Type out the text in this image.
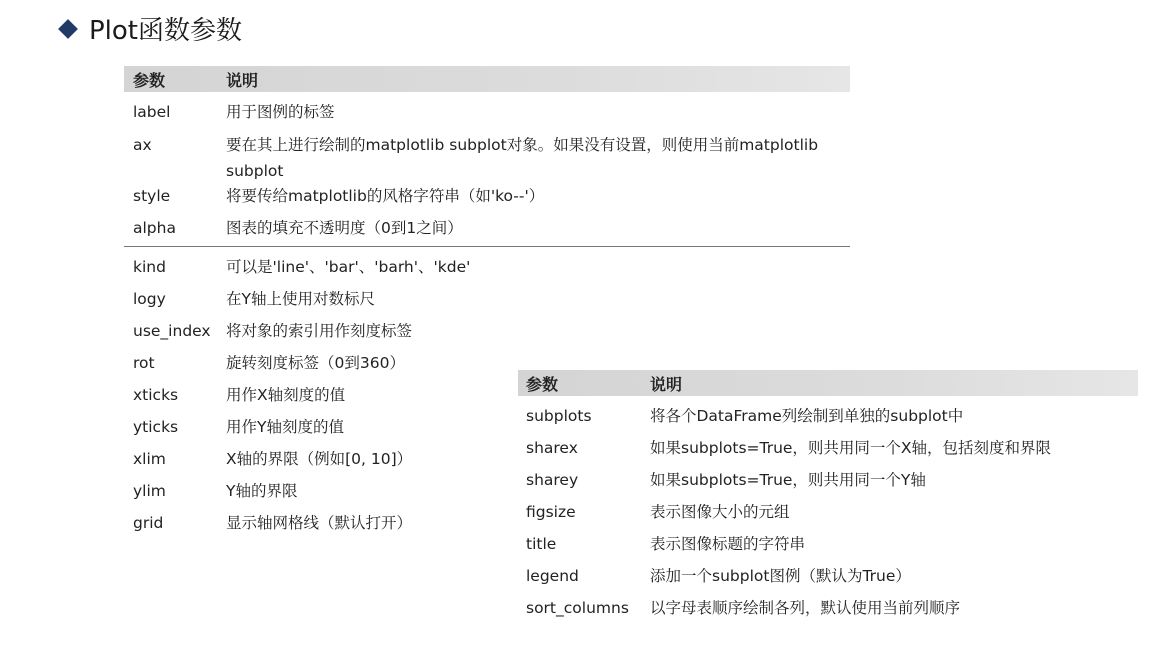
Plot函数参数
参数	说明
label	用于图例的标签
ax	要在其上进行绘制的matplotlib subplot对象。如果没有设置，则使用当前matplotlib subplot
style	将要传给matplotlib的风格字符串（如'ko--'）
alpha	图表的填充不透明度（0到1之间）
kind	可以是'line'、'bar'、'barh'、'kde'
logy	在Y轴上使用对数标尺
use_index 将对象的索引用作刻度标签
rot	旋转刻度标签（0到360）
xticks	用作X轴刻度的值
yticks	用作Y轴刻度的值
xlim	X轴的界限（例如[0, 10]）
ylim	Y轴的界限
grid	显示轴网格线（默认打开）
参数	说明
subplots	将各个DataFrame列绘制到单独的subplot中
sharex	如果subplots=True，则共用同一个X轴，包括刻度和界限
sharey	如果subplots=True，则共用同一个Y轴
figsize	表示图像大小的元组
title	表示图像标题的字符串
legend	添加一个subplot图例（默认为True）
sort_columns	以字母表顺序绘制各列，默认使用当前列顺序
